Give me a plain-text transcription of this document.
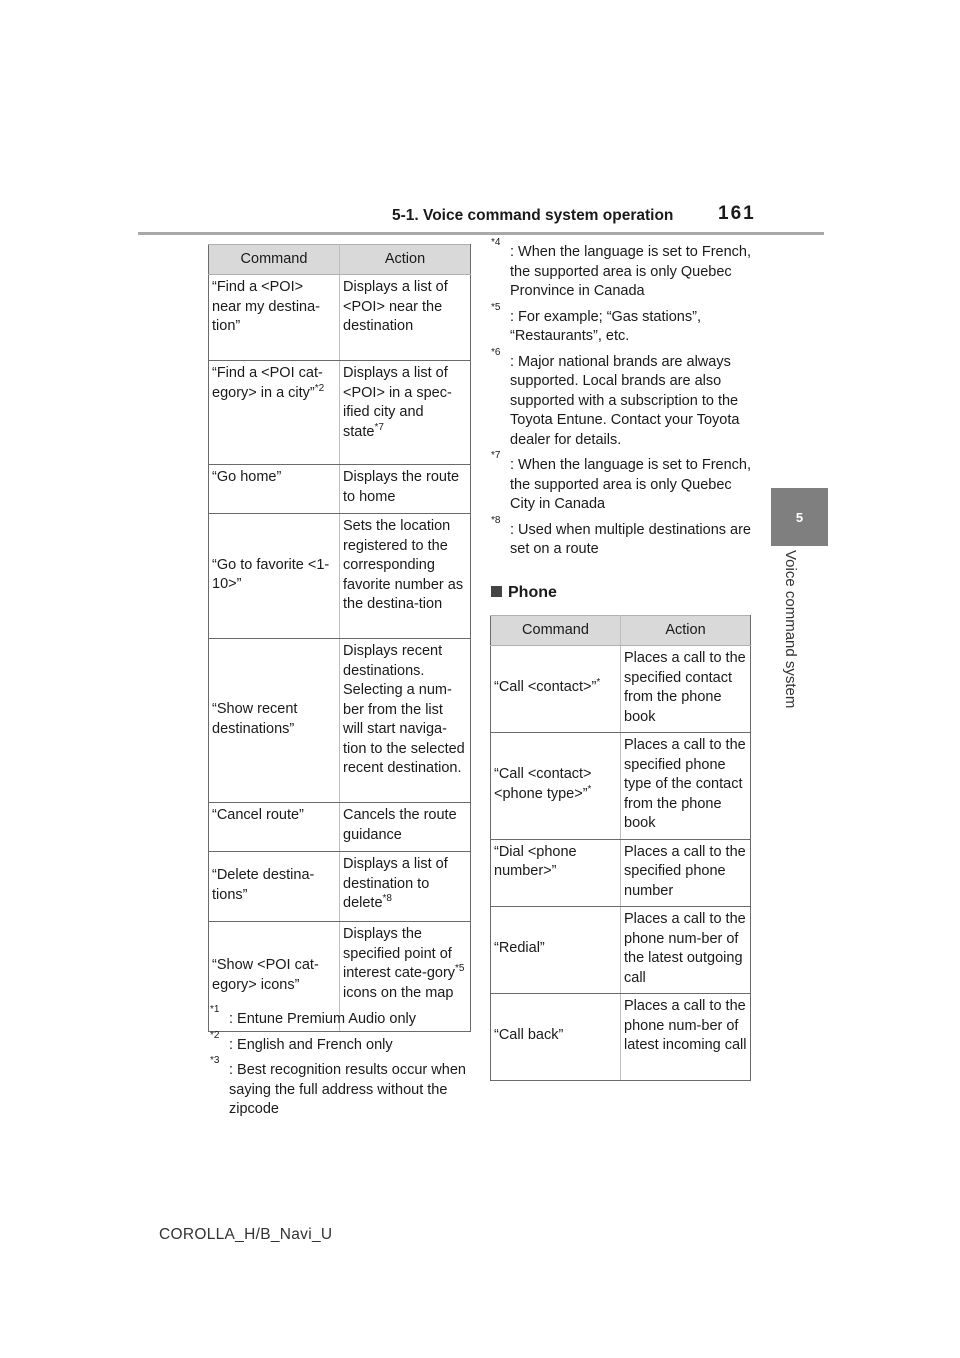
5-1. Voice command system operation	161
5
Voice command system
Command	Action
“Find a <POI> near my destina-tion”	Displays a list of <POI> near the destination
“Find a <POI cat-egory> in a city”$^{*2}$	Displays a list of <POI> in a spec-ified city and state$^{*7}$
“Go home”	Displays the route to home
“Go to favorite <1-10>”	Sets the location registered to the corresponding favorite number as the destina-tion
“Show recent destinations”	Displays recent destinations. Selecting a num-ber from the list will start naviga-tion to the selected recent destination.
“Cancel route”	Cancels the route guidance
“Delete destina-tions”	Displays a list of destination to delete$^{*8}$
“Show <POI cat-egory> icons”	Displays the specified point of interest cate-gory$^{*5}$ icons on the map
*1
: Entune Premium Audio only
*2
: English and French only
*3
: Best recognition results occur when saying the full address without the zipcode
*4
: When the language is set to French, the supported area is only Quebec Pronvince in Canada
*5
: For example; “Gas stations”, “Restaurants”, etc.
*6
: Major national brands are always supported. Local brands are also supported with a subscription to the Toyota Entune. Contact your Toyota dealer for details.
*7
: When the language is set to French, the supported area is only Quebec City in Canada
*8
: Used when multiple destinations are set on a route
Phone
Command	Action
“Call <contact>”*	Places a call to the specified contact from the phone book
“Call <contact> <phone type>”*	Places a call to the specified phone type of the contact from the phone book
“Dial <phone number>”	Places a call to the specified phone number
“Redial”	Places a call to the phone num-ber of the latest outgoing call
“Call back”	Places a call to the phone num-ber of latest incoming call
COROLLA_H/B_Navi_U
